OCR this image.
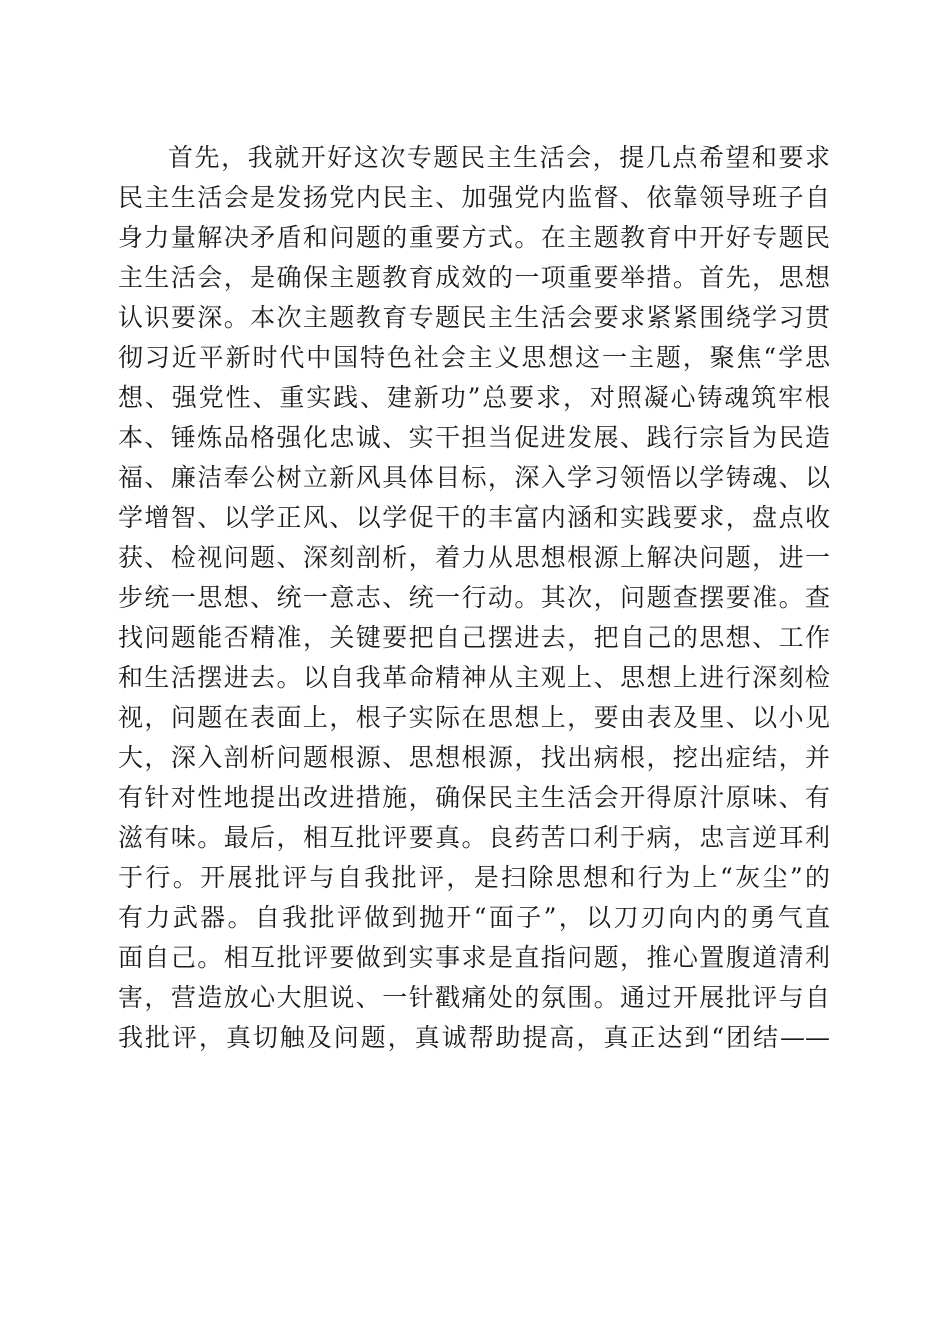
首先，我就开好这次专题民主生活会，提几点希望和要求
民主生活会是发扬党内民主、加强党内监督、依靠领导班子自
身力量解决矛盾和问题的重要方式。在主题教育中开好专题民
主生活会，是确保主题教育成效的一项重要举措。首先，思想
认识要深。本次主题教育专题民主生活会要求紧紧围绕学习贯
彻习近平新时代中国特色社会主义思想这一主题，聚焦“学思
想、强党性、重实践、建新功”总要求，对照凝心铸魂筑牢根
本、锤炼品格强化忠诚、实干担当促进发展、践行宗旨为民造
福、廉洁奉公树立新风具体目标，深入学习领悟以学铸魂、以
学增智、以学正风、以学促干的丰富内涵和实践要求，盘点收
获、检视问题、深刻剖析，着力从思想根源上解决问题，进一
步统一思想、统一意志、统一行动。其次，问题查摆要准。查
找问题能否精准，关键要把自己摆进去，把自己的思想、工作
和生活摆进去。以自我革命精神从主观上、思想上进行深刻检
视，问题在表面上，根子实际在思想上，要由表及里、以小见
大，深入剖析问题根源、思想根源，找出病根，挖出症结，并
有针对性地提出改进措施，确保民主生活会开得原汁原味、有
滋有味。最后，相互批评要真。良药苦口利于病，忠言逆耳利
于行。开展批评与自我批评，是扫除思想和行为上“灰尘”的
有力武器。自我批评做到抛开“面子”，以刀刃向内的勇气直
面自己。相互批评要做到实事求是直指问题，推心置腹道清利
害，营造放心大胆说、一针戳痛处的氛围。通过开展批评与自
我批评，真切触及问题，真诚帮助提高，真正达到“团结——
